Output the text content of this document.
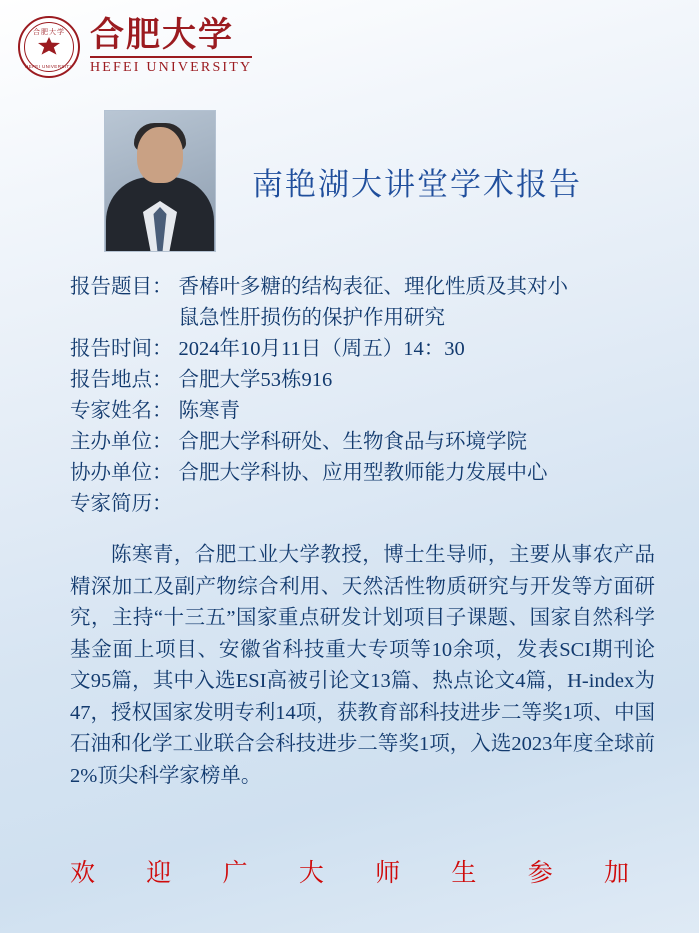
合肥大学
HEFEI UNIVERSITY
合肥大学
HEFEI UNIVERSITY
南艳湖大讲堂学术报告
报告题目： 香椿叶多糖的结构表征、理化性质及其对小
鼠急性肝损伤的保护作用研究
报告时间： 2024年10月11日（周五）14：30
报告地点： 合肥大学53栋916
专家姓名： 陈寒青
主办单位： 合肥大学科研处、生物食品与环境学院
协办单位： 合肥大学科协、应用型教师能力发展中心
专家简历：

陈寒青，合肥工业大学教授，博士生导师，主要从事农产品精深加工及副产物综合利用、天然活性物质研究与开发等方面研究，主持“十三五”国家重点研发计划项目子课题、国家自然科学基金面上项目、安徽省科技重大专项等10余项，发表SCI期刊论文95篇，其中入选ESI高被引论文13篇、热点论文4篇，H-index为47，授权国家发明专利14项，获教育部科技进步二等奖1项、中国石油和化学工业联合会科技进步二等奖1项，入选2023年度全球前2%顶尖科学家榜单。

欢 迎 广 大 师 生 参 加
